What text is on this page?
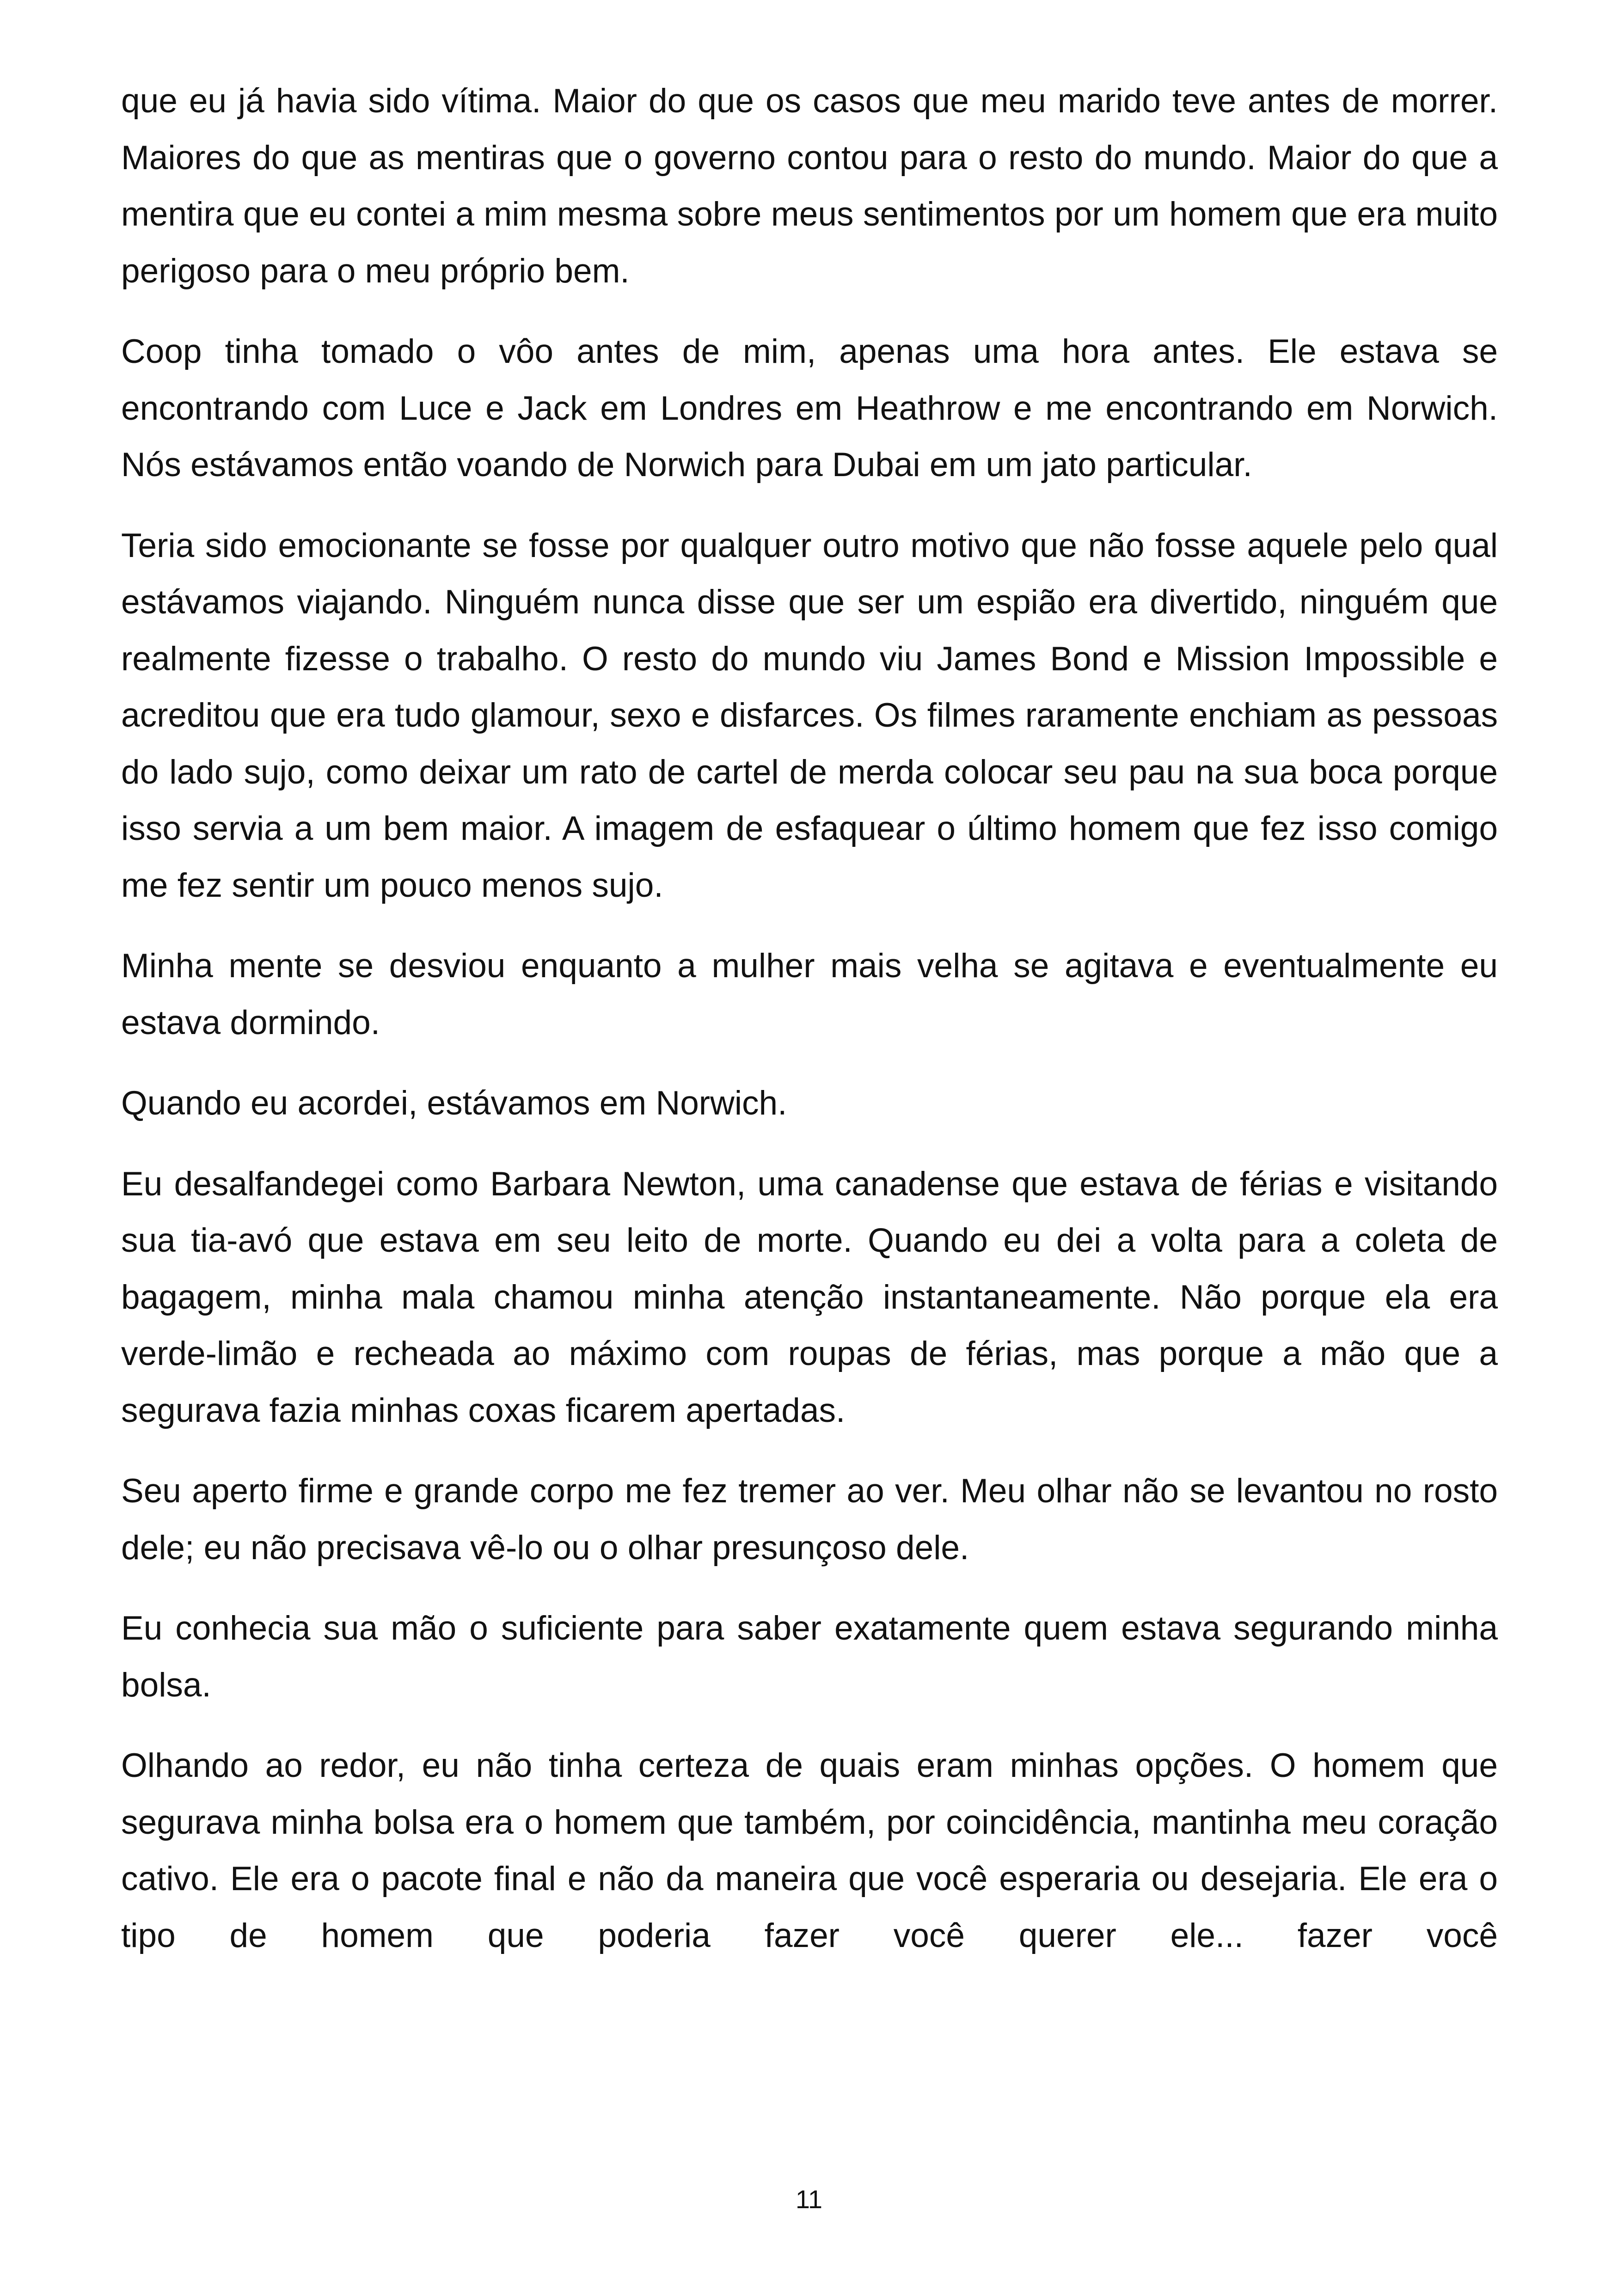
que eu já havia sido vítima. Maior do que os casos que meu marido teve antes de morrer. Maiores do que as mentiras que o governo contou para o resto do mundo. Maior do que a mentira que eu contei a mim mesma sobre meus sentimentos por um homem que era muito perigoso para o meu próprio bem.

Coop tinha tomado o vôo antes de mim, apenas uma hora antes. Ele estava se encontrando com Luce e Jack em Londres em Heathrow e me encontrando em Norwich. Nós estávamos então voando de Norwich para Dubai em um jato particular.

Teria sido emocionante se fosse por qualquer outro motivo que não fosse aquele pelo qual estávamos viajando. Ninguém nunca disse que ser um espião era divertido, ninguém que realmente fizesse o trabalho. O resto do mundo viu James Bond e Mission Impossible e acreditou que era tudo glamour, sexo e disfarces. Os filmes raramente enchiam as pessoas do lado sujo, como deixar um rato de cartel de merda colocar seu pau na sua boca porque isso servia a um bem maior. A imagem de esfaquear o último homem que fez isso comigo me fez sentir um pouco menos sujo.

Minha mente se desviou enquanto a mulher mais velha se agitava e eventualmente eu estava dormindo.

Quando eu acordei, estávamos em Norwich.

Eu desalfandegei como Barbara Newton, uma canadense que estava de férias e visitando sua tia-avó que estava em seu leito de morte. Quando eu dei a volta para a coleta de bagagem, minha mala chamou minha atenção instantaneamente. Não porque ela era verde-limão e recheada ao máximo com roupas de férias, mas porque a mão que a segurava fazia minhas coxas ficarem apertadas.

Seu aperto firme e grande corpo me fez tremer ao ver. Meu olhar não se levantou no rosto dele; eu não precisava vê-lo ou o olhar presunçoso dele.

Eu conhecia sua mão o suficiente para saber exatamente quem estava segurando minha bolsa.

Olhando ao redor, eu não tinha certeza de quais eram minhas opções. O homem que segurava minha bolsa era o homem que também, por coincidência, mantinha meu coração cativo. Ele era o pacote final e não da maneira que você esperaria ou desejaria. Ele era o tipo de homem que poderia fazer você querer ele... fazer você

11
